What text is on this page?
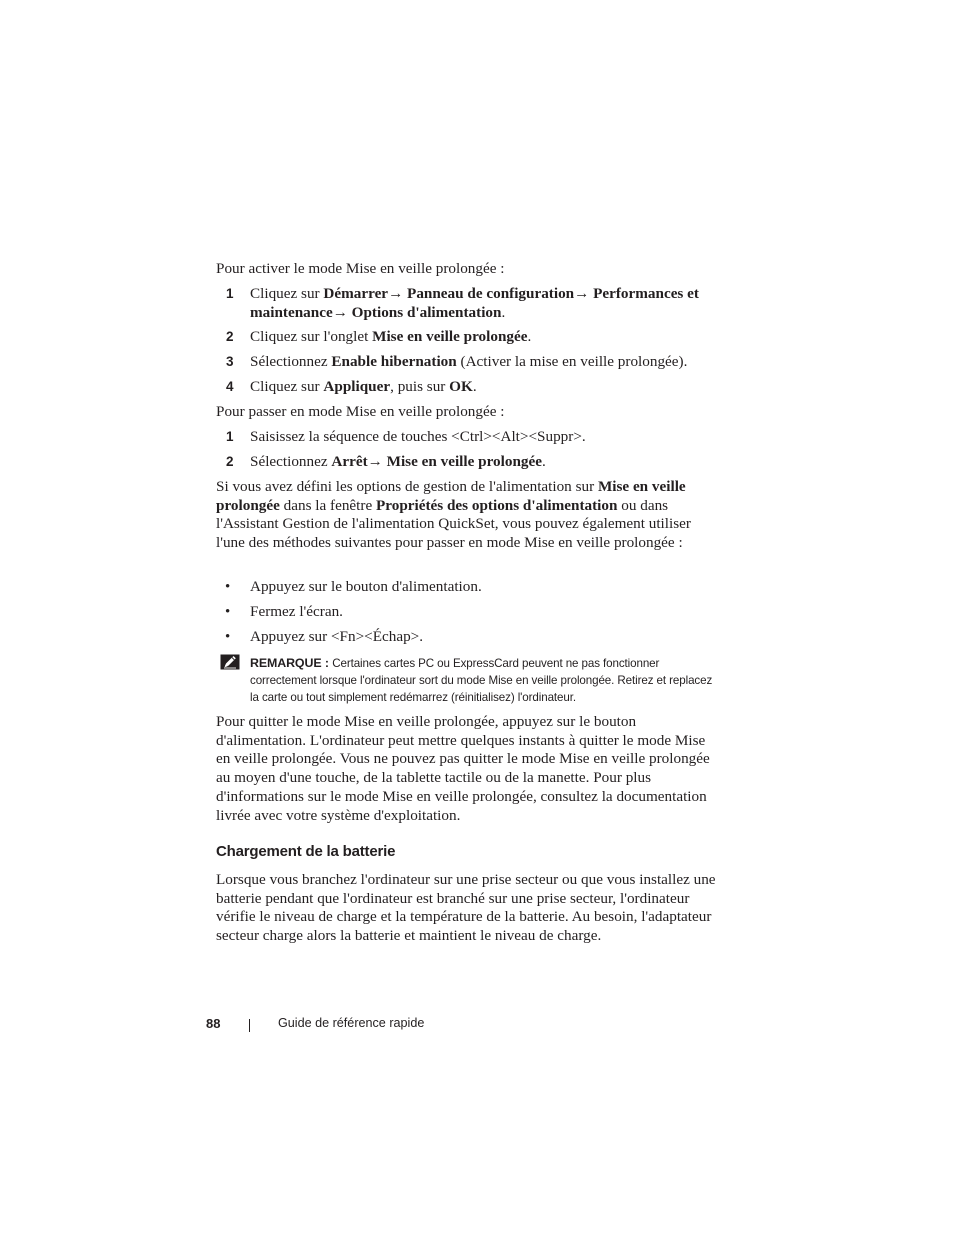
Pour activer le mode Mise en veille prolongée :
1 Cliquez sur Démarrer→ Panneau de configuration→ Performances et maintenance→ Options d'alimentation.
2 Cliquez sur l'onglet Mise en veille prolongée.
3 Sélectionnez Enable hibernation (Activer la mise en veille prolongée).
4 Cliquez sur Appliquer, puis sur OK.
Pour passer en mode Mise en veille prolongée :
1 Saisissez la séquence de touches <Ctrl><Alt><Suppr>.
2 Sélectionnez Arrêt→ Mise en veille prolongée.
Si vous avez défini les options de gestion de l'alimentation sur Mise en veille prolongée dans la fenêtre Propriétés des options d'alimentation ou dans l'Assistant Gestion de l'alimentation QuickSet, vous pouvez également utiliser l'une des méthodes suivantes pour passer en mode Mise en veille prolongée :
• Appuyez sur le bouton d'alimentation.
• Fermez l'écran.
• Appuyez sur <Fn><Échap>.
REMARQUE : Certaines cartes PC ou ExpressCard peuvent ne pas fonctionner correctement lorsque l'ordinateur sort du mode Mise en veille prolongée. Retirez et replacez la carte ou tout simplement redémarrez (réinitialisez) l'ordinateur.
Pour quitter le mode Mise en veille prolongée, appuyez sur le bouton d'alimentation. L'ordinateur peut mettre quelques instants à quitter le mode Mise en veille prolongée. Vous ne pouvez pas quitter le mode Mise en veille prolongée au moyen d'une touche, de la tablette tactile ou de la manette. Pour plus d'informations sur le mode Mise en veille prolongée, consultez la documentation livrée avec votre système d'exploitation.
Chargement de la batterie
Lorsque vous branchez l'ordinateur sur une prise secteur ou que vous installez une batterie pendant que l'ordinateur est branché sur une prise secteur, l'ordinateur vérifie le niveau de charge et la température de la batterie. Au besoin, l'adaptateur secteur charge alors la batterie et maintient le niveau de charge.
88	Guide de référence rapide
